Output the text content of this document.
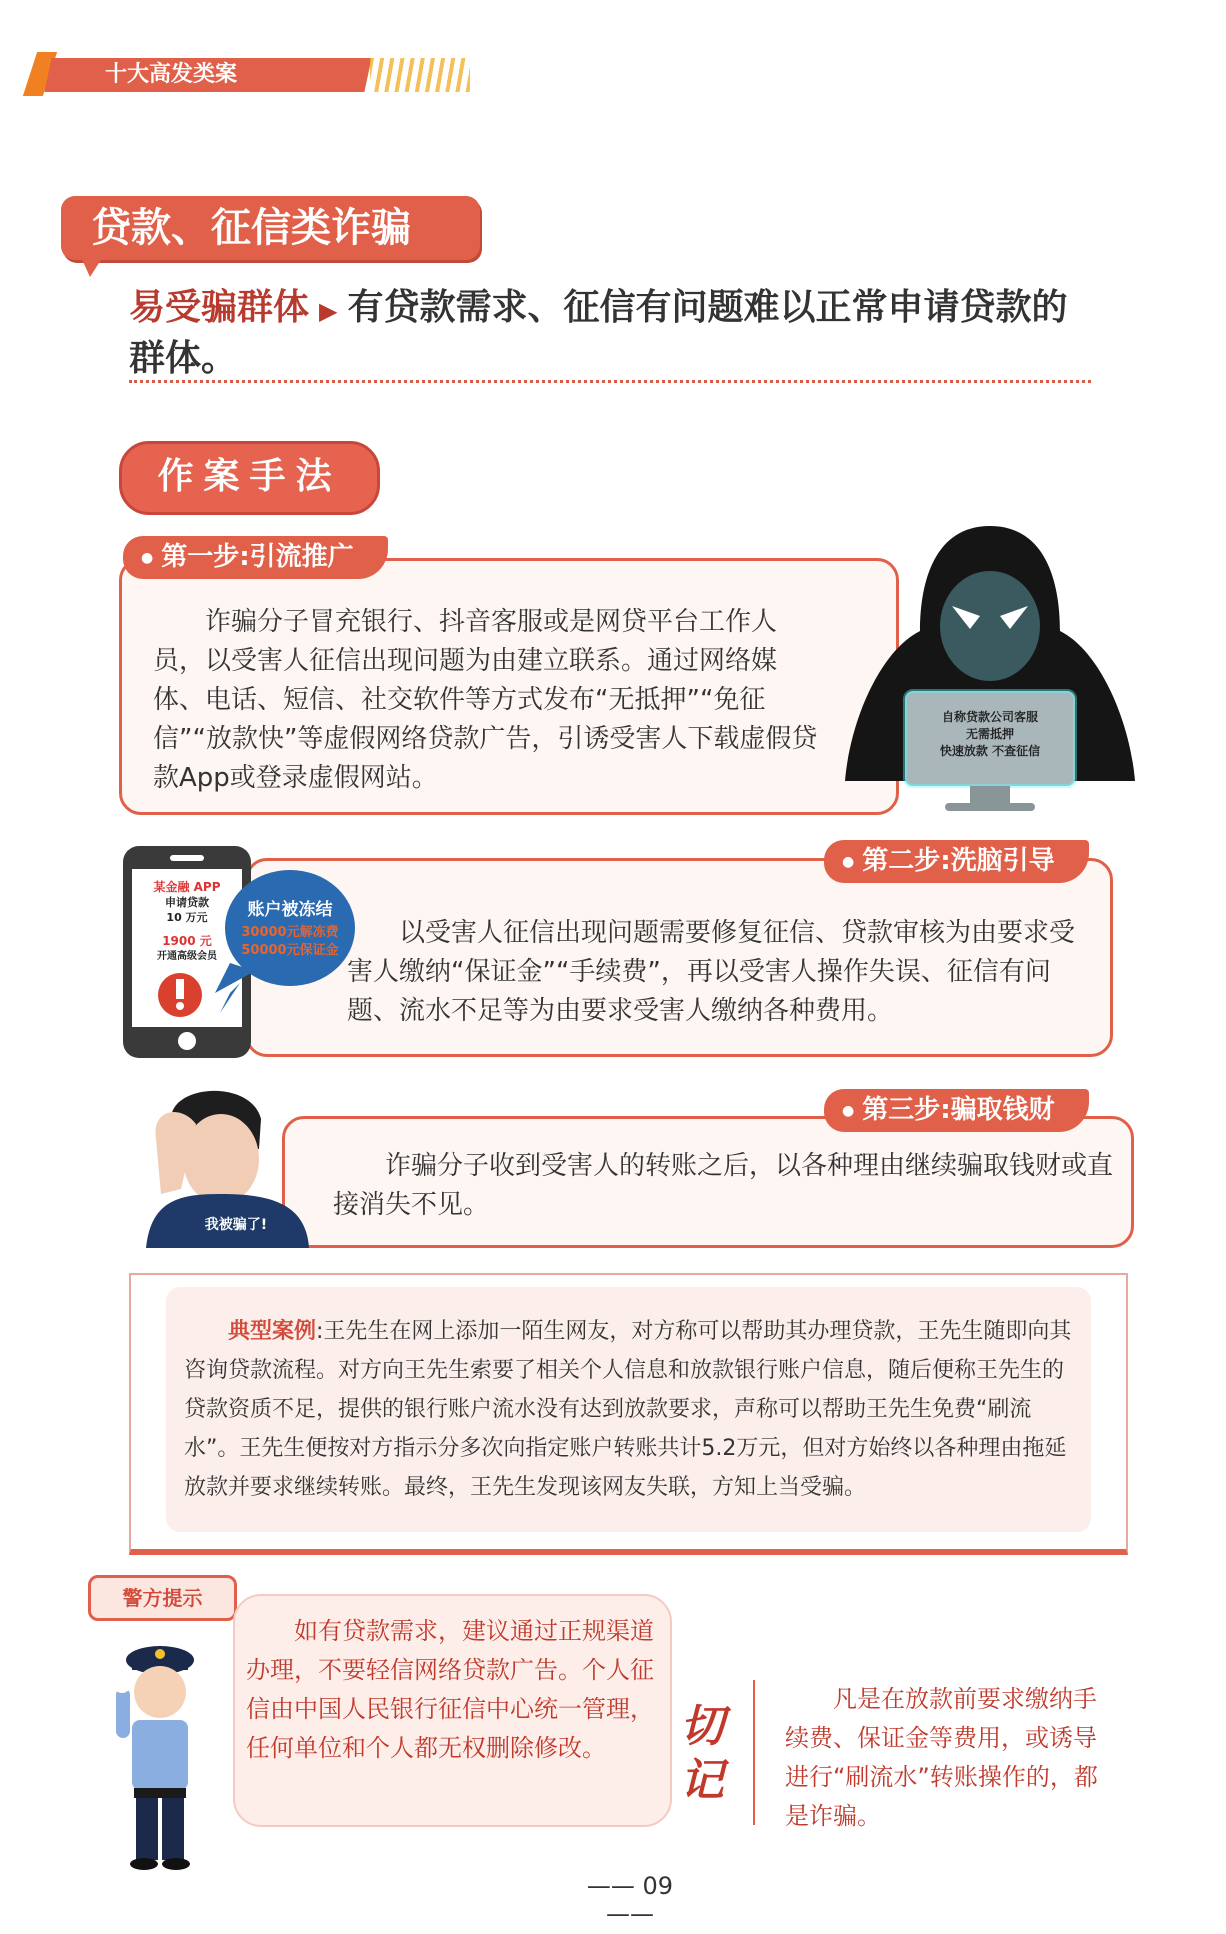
十大高发类案
贷款、征信类诈骗
易受骗群体 ▶ 有贷款需求、征信有问题难以正常申请贷款的群体。
作案手法
● 第一步:引流推广
诈骗分子冒充银行、抖音客服或是网贷平台工作人员，以受害人征信出现问题为由建立联系。通过网络媒体、电话、短信、社交软件等方式发布“无抵押”“免征信”“放款快”等虚假网络贷款广告，引诱受害人下载虚假贷款App或登录虚假网站。
自称贷款公司客服
无需抵押
快速放款 不查征信
● 第二步:洗脑引导
以受害人征信出现问题需要修复征信、贷款审核为由要求受害人缴纳“保证金”“手续费”，再以受害人操作失误、征信有问题、流水不足等为由要求受害人缴纳各种费用。
某金融 APP
申请贷款
10 万元
1900 元
开通高级会员
账户被冻结
30000元解冻费
50000元保证金
● 第三步:骗取钱财
诈骗分子收到受害人的转账之后，以各种理由继续骗取钱财或直接消失不见。
我被骗了!
典型案例:王先生在网上添加一陌生网友，对方称可以帮助其办理贷款，王先生随即向其咨询贷款流程。对方向王先生索要了相关个人信息和放款银行账户信息，随后便称王先生的贷款资质不足，提供的银行账户流水没有达到放款要求，声称可以帮助王先生免费“刷流水”。王先生便按对方指示分多次向指定账户转账共计5.2万元，但对方始终以各种理由拖延放款并要求继续转账。最终，王先生发现该网友失联，方知上当受骗。
警方提示
如有贷款需求，建议通过正规渠道办理，不要轻信网络贷款广告。个人征信由中国人民银行征信中心统一管理，任何单位和个人都无权删除修改。	切记
凡是在放款前要求缴纳手续费、保证金等费用，或诱导进行“刷流水”转账操作的，都是诈骗。
—— 09 ——
